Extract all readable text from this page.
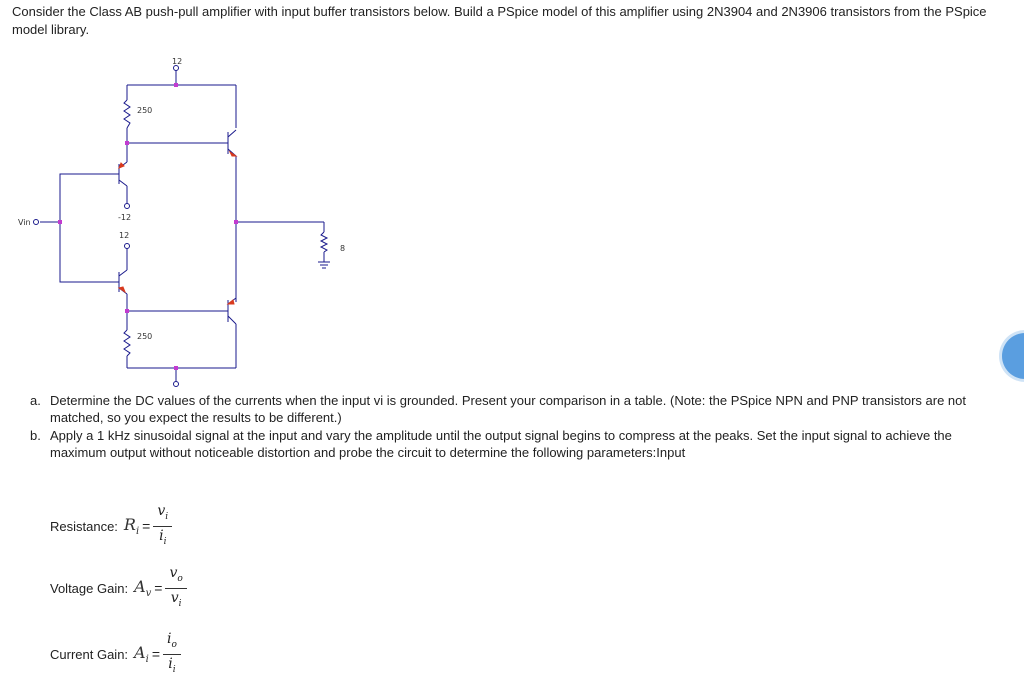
Consider the Class AB push-pull amplifier with input buffer transistors below. Build a PSpice model of this amplifier using 2N3904 and 2N3906 transistors from the PSpice model library.
Vin
12
-12
12
250
250
8
a. Determine the DC values of the currents when the input vi is grounded. Present your comparison in a table. (Note: the PSpice NPN and PNP transistors are not matched, so you expect the results to be different.)
b. Apply a 1 kHz sinusoidal signal at the input and vary the amplitude until the output signal begins to compress at the peaks. Set the input signal to achieve the maximum output without noticeable distortion and probe the circuit to determine the following parameters:Input
Resistance: $R_i = \frac{v_i}{i_i}$
Voltage Gain: $A_v = \frac{v_o}{v_i}$
Current Gain: $A_i = \frac{i_o}{i_i}$
